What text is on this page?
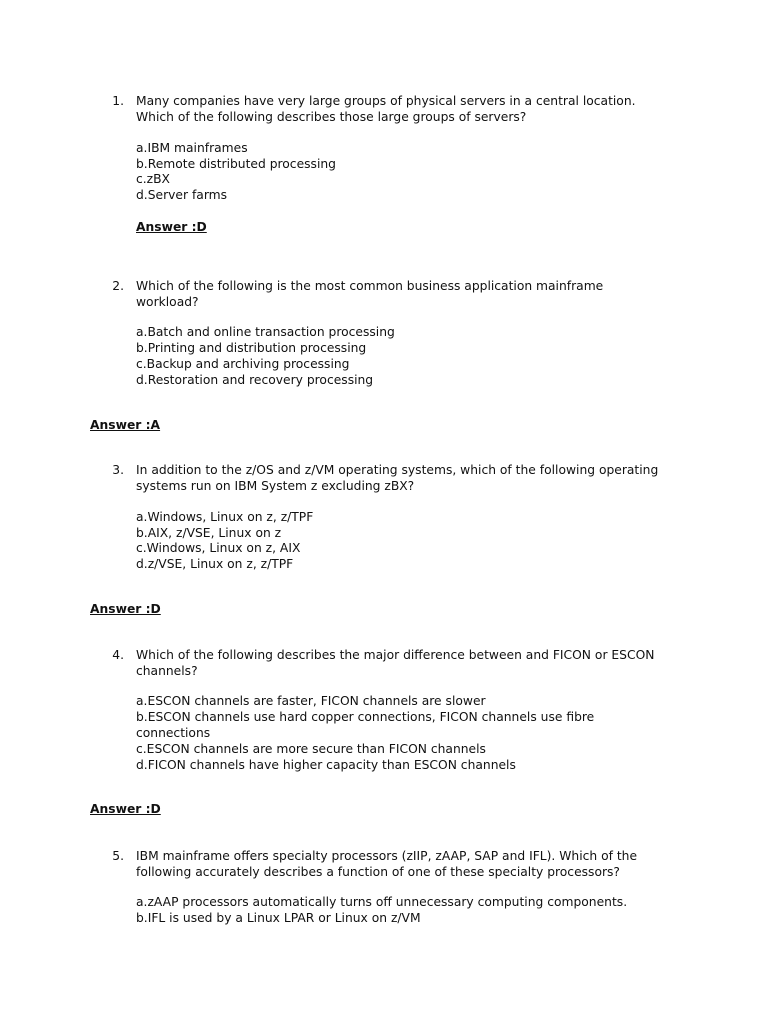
1. Many companies have very large groups of physical servers in a central location.
Which of the following describes those large groups of servers?
a.IBM mainframes
b.Remote distributed processing
c.zBX
d.Server farms
Answer :D
2. Which of the following is the most common business application mainframe
workload?
a.Batch and online transaction processing
b.Printing and distribution processing
c.Backup and archiving processing
d.Restoration and recovery processing
Answer :A
3. In addition to the z/OS and z/VM operating systems, which of the following operating
systems run on IBM System z excluding zBX?
a.Windows, Linux on z, z/TPF
b.AIX, z/VSE, Linux on z
c.Windows, Linux on z, AIX
d.z/VSE, Linux on z, z/TPF
Answer :D
4. Which of the following describes the major difference between and FICON or ESCON
channels?
a.ESCON channels are faster, FICON channels are slower
b.ESCON channels use hard copper connections, FICON channels use fibre
connections
c.ESCON channels are more secure than FICON channels
d.FICON channels have higher capacity than ESCON channels
Answer :D
5. IBM mainframe offers specialty processors (zIIP, zAAP, SAP and IFL). Which of the
following accurately describes a function of one of these specialty processors?
a.zAAP processors automatically turns off unnecessary computing components.
b.IFL is used by a Linux LPAR or Linux on z/VM
